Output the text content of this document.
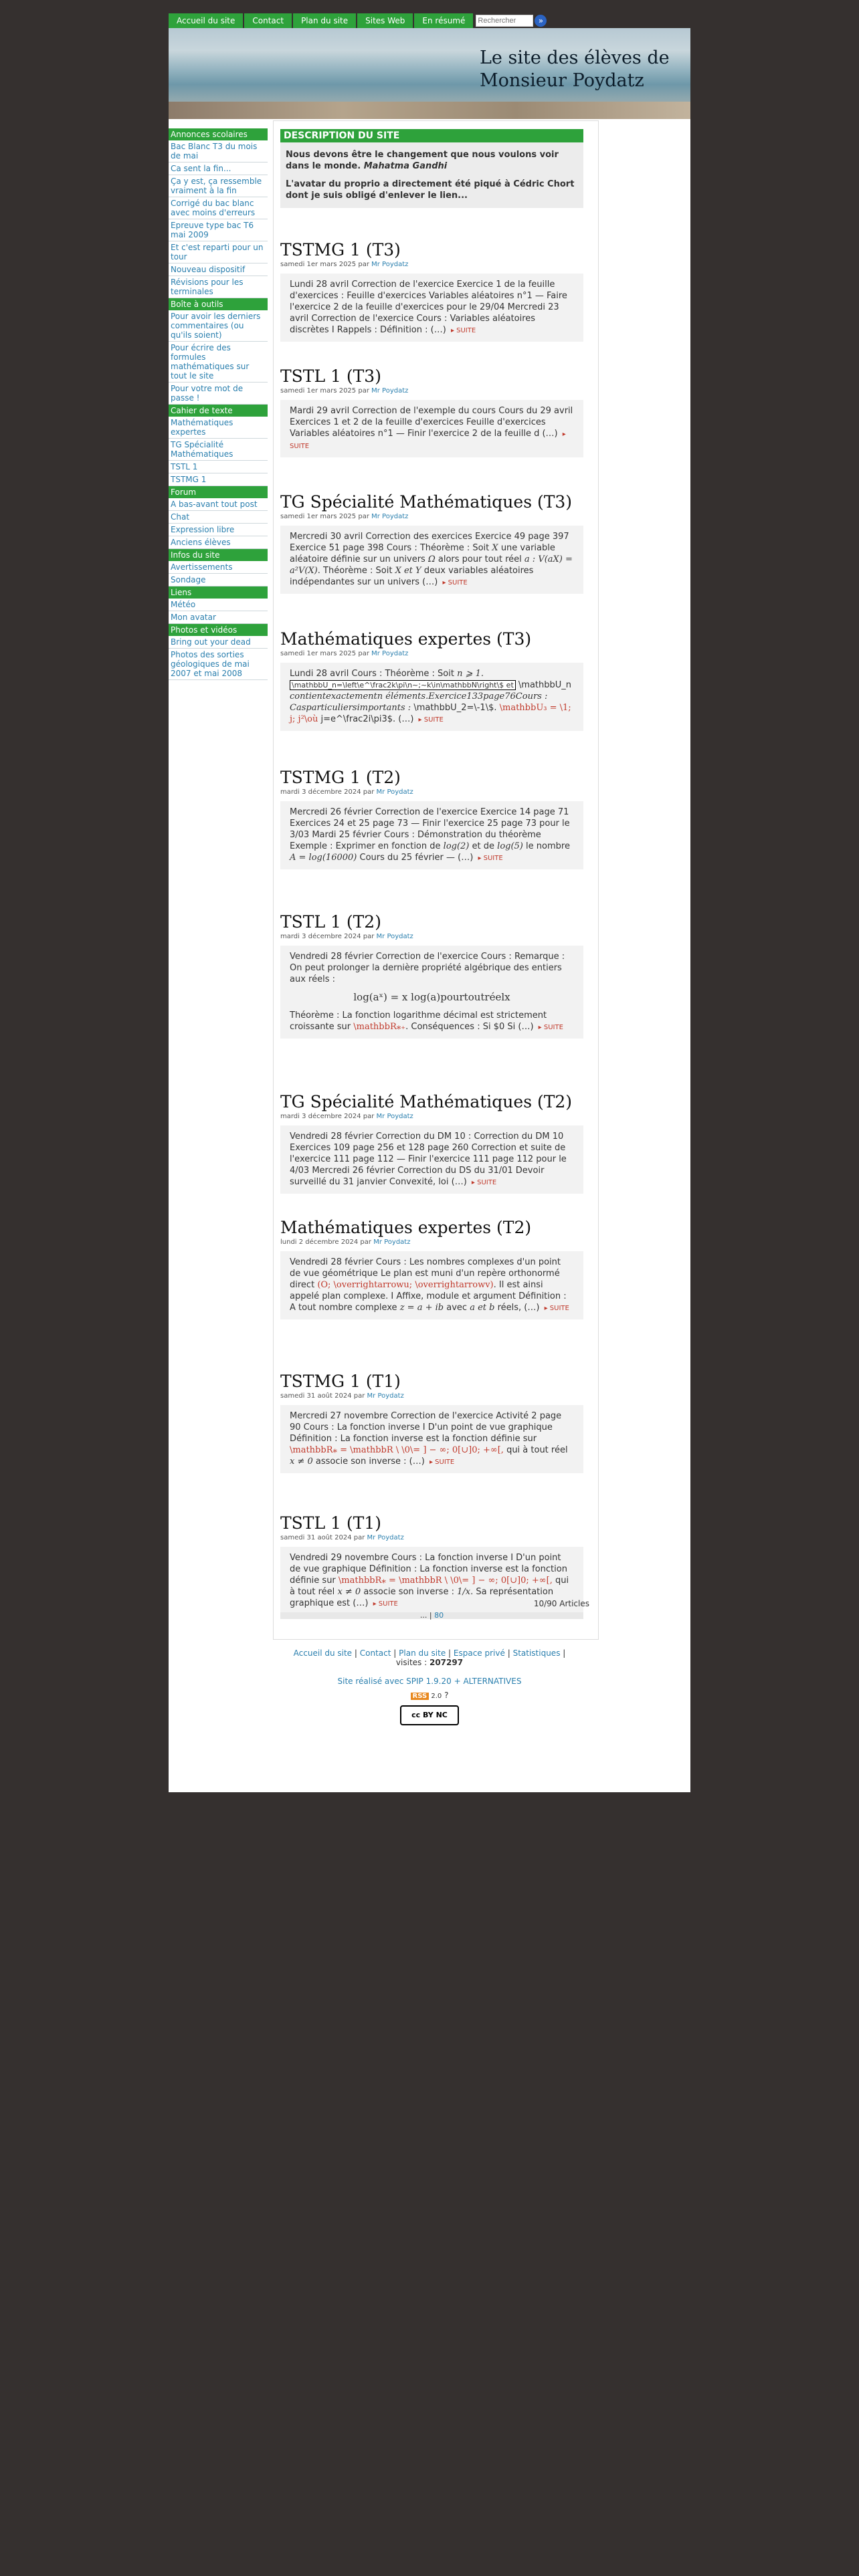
Accueil du site	Contact	Plan du site	Sites Web	En résumé
Rechercher	»
Le site des élèves de
Monsieur Poydatz
Annonces scolaires
Bac Blanc T3 du mois de mai
Ca sent la fin...
Ça y est, ça ressemble vraiment à la fin
Corrigé du bac blanc avec moins d'erreurs
Epreuve type bac T6 mai 2009
Et c'est reparti pour un tour
Nouveau dispositif
Révisions pour les terminales
Boîte à outils
Pour avoir les derniers commentaires (ou qu'ils soient)
Pour écrire des formules mathématiques sur tout le site
Pour votre mot de passe !
Cahier de texte
Mathématiques expertes
TG Spécialité Mathématiques
TSTL 1
TSTMG 1
Forum
A bas-avant tout post
Chat
Expression libre
Anciens élèves
Infos du site
Avertissements
Sondage
Liens
Météo
Mon avatar
Photos et vidéos
Bring out your dead
Photos des sorties géologiques de mai 2007 et mai 2008
DESCRIPTION DU SITE

Nous devons être le changement que nous voulons voir dans le monde. Mahatma Gandhi

L'avatar du proprio a directement été piqué à Cédric Chort dont je suis obligé d'enlever le lien...

TSTMG 1 (T3)
samedi 1er mars 2025 par Mr Poydatz
Lundi 28 avril Correction de l'exercice Exercice 1 de la feuille d'exercices : Feuille d'exercices Variables aléatoires n°1 — Faire l'exercice 2 de la feuille d'exercices pour le 29/04 Mercredi 23 avril Correction de l'exercice Cours : Variables aléatoires discrètes I Rappels : Définition : (…) ▸ SUITE
TSTL 1 (T3)
samedi 1er mars 2025 par Mr Poydatz
Mardi 29 avril Correction de l'exemple du cours Cours du 29 avril Exercices 1 et 2 de la feuille d'exercices Feuille d'exercices Variables aléatoires n°1 — Finir l'exercice 2 de la feuille d (…) ▸ SUITE
TG Spécialité Mathématiques (T3)
samedi 1er mars 2025 par Mr Poydatz
Mercredi 30 avril Correction des exercices Exercice 49 page 397 Exercice 51 page 398 Cours : Théorème : Soit X une variable aléatoire définie sur un univers Ω alors pour tout réel a : V(aX) = a²V(X). Théorème : Soit X et Y deux variables aléatoires indépendantes sur un univers (…) ▸ SUITE
Mathématiques expertes (T3)
samedi 1er mars 2025 par Mr Poydatz
Lundi 28 avril Cours : Théorème : Soit n ⩾ 1. \mathbbU_n=\left\e^\frac2k\pi\n~;~k\in\mathbbN\right\$ et \mathbbU_n contientexactementn éléments.Exercice133page76Cours : Casparticuliersimportants : \mathbbU_2=\-1\$. \mathbbU₃ = \1; j; j²\où j=e^\frac2i\pi3$. (…) ▸ SUITE
TSTMG 1 (T2)
mardi 3 décembre 2024 par Mr Poydatz
Mercredi 26 février Correction de l'exercice Exercice 14 page 71 Exercices 24 et 25 page 73 — Finir l'exercice 25 page 73 pour le 3/03 Mardi 25 février Cours : Démonstration du théorème Exemple : Exprimer en fonction de log(2) et de log(5) le nombre A = log(16000) Cours du 25 février — (…) ▸ SUITE
TSTL 1 (T2)
mardi 3 décembre 2024 par Mr Poydatz
Vendredi 28 février Correction de l'exercice Cours : Remarque : On peut prolonger la dernière propriété algébrique des entiers aux réels :
log(aˣ) = x log(a)pourtoutréelx
Théorème : La fonction logarithme décimal est strictement croissante sur \mathbbR⁎₊. Conséquences : Si $0 Si (…) ▸ SUITE
TG Spécialité Mathématiques (T2)
mardi 3 décembre 2024 par Mr Poydatz
Vendredi 28 février Correction du DM 10 : Correction du DM 10 Exercices 109 page 256 et 128 page 260 Correction et suite de l'exercice 111 page 112 — Finir l'exercice 111 page 112 pour le 4/03 Mercredi 26 février Correction du DS du 31/01 Devoir surveillé du 31 janvier Convexité, loi (…) ▸ SUITE
Mathématiques expertes (T2)
lundi 2 décembre 2024 par Mr Poydatz
Vendredi 28 février Cours : Les nombres complexes d'un point de vue géométrique Le plan est muni d'un repère orthonormé direct (O; \overrightarrowu; \overrightarrowv). Il est ainsi appelé plan complexe. I Affixe, module et argument Définition : A tout nombre complexe z = a + ib avec a et b réels, (…) ▸ SUITE
TSTMG 1 (T1)
samedi 31 août 2024 par Mr Poydatz
Mercredi 27 novembre Correction de l'exercice Activité 2 page 90 Cours : La fonction inverse I D'un point de vue graphique Définition : La fonction inverse est la fonction définie sur \mathbbR⁎ = \mathbbR \ \0\= ] − ∞; 0[∪]0; +∞[, qui à tout réel x ≠ 0 associe son inverse : (…) ▸ SUITE
TSTL 1 (T1)
samedi 31 août 2024 par Mr Poydatz
Vendredi 29 novembre Cours : La fonction inverse I D'un point de vue graphique Définition : La fonction inverse est la fonction définie sur \mathbbR⁎ = \mathbbR \ \0\= ] − ∞; 0[∪]0; +∞[, qui à tout réel x ≠ 0 associe son inverse : 1/x. Sa représentation graphique est (…) ▸ SUITE	10/90 Articles
... | 80
Accueil du site | Contact | Plan du site | Espace privé | Statistiques |
visites : 207297
Site réalisé avec SPIP 1.9.20 + ALTERNATIVES
RSS 2.0 ?
cc BY NC
